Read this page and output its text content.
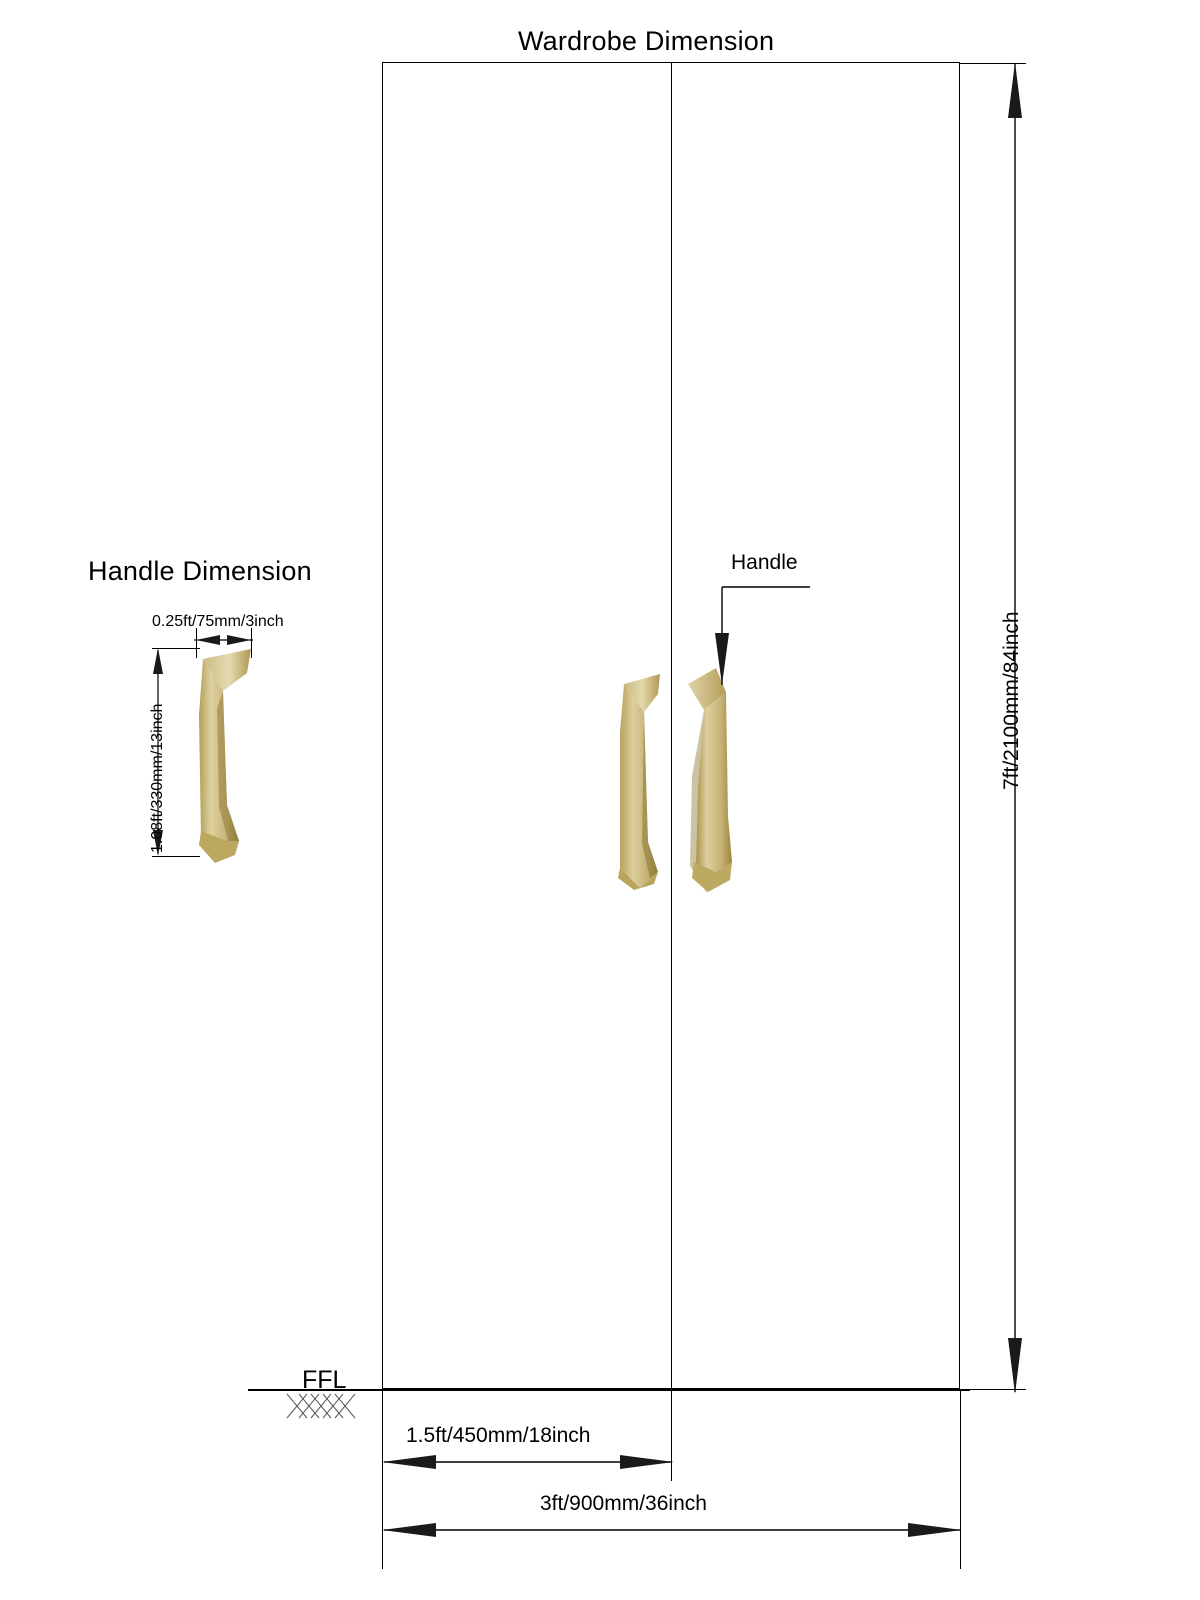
Wardrobe Dimension
Handle Dimension	Handle
7ft/2100mm/84inch
FFL
1.5ft/450mm/18inch
3ft/900mm/36inch
0.25ft/75mm/3inch
1.08ft/330mm/13inch
